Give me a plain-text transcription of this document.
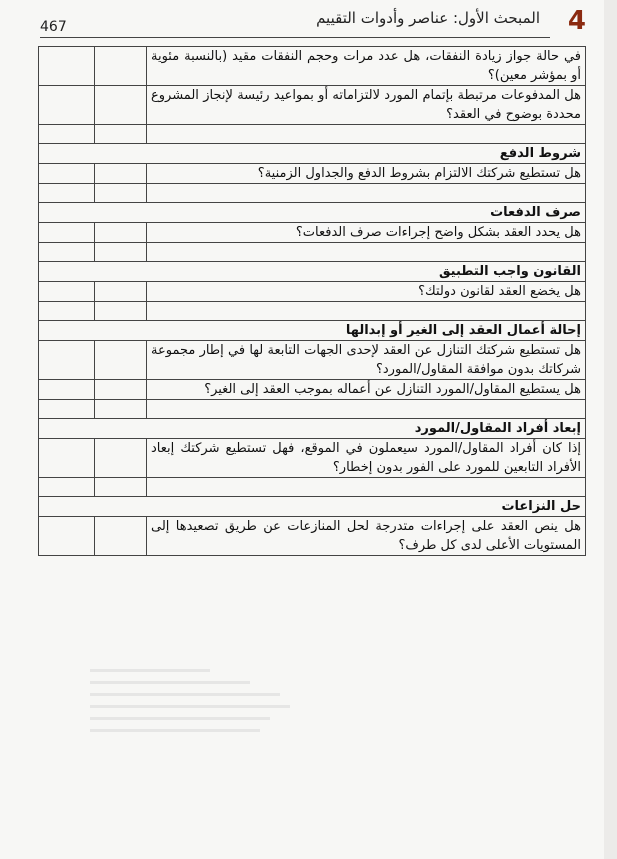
4
المبحث الأول: عناصر وأدوات التقييم
467
		في حالة جواز زيادة النفقات، هل عدد مرات وحجم النفقات مقيد (بالنسبة مئوية أو بمؤشر معين)؟
		هل المدفوعات مرتبطة بإتمام المورد لالتزاماته أو بمواعيد رئيسة لإنجاز المشروع محددة بوضوح في العقد؟

		شروط الدفع
		هل تستطيع شركتك الالتزام بشروط الدفع والجداول الزمنية؟

		صرف الدفعات
		هل يحدد العقد بشكل واضح إجراءات صرف الدفعات؟

		القانون واجب التطبيق
		هل يخضع العقد لقانون دولتك؟

		إحالة أعمال العقد إلى الغير أو إبدالها
		هل تستطيع شركتك التنازل عن العقد لإحدى الجهات التابعة لها في إطار مجموعة شركاتك بدون موافقة المقاول/المورد؟
		هل يستطيع المقاول/المورد التنازل عن أعماله بموجب العقد إلى الغير؟

		إبعاد أفراد المقاول/المورد
		إذا كان أفراد المقاول/المورد سيعملون في الموقع، فهل تستطيع شركتك إبعاد الأفراد التابعين للمورد على الفور بدون إخطار؟

		حل النزاعات
		هل ينص العقد على إجراءات متدرجة لحل المنازعات عن طريق تصعيدها إلى المستويات الأعلى لدى كل طرف؟
